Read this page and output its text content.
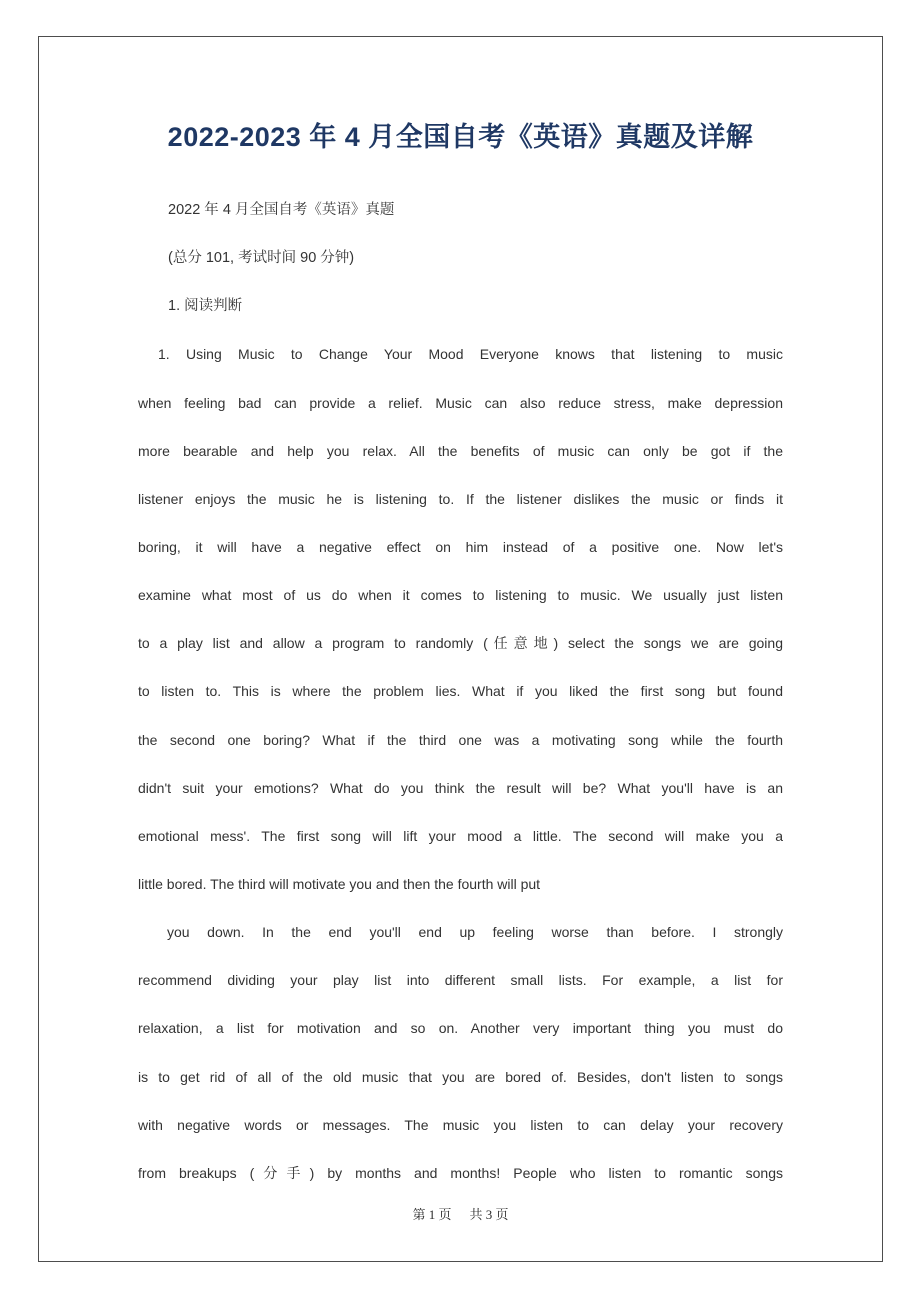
2022-2023 年 4 月全国自考《英语》真题及详解
2022 年 4 月全国自考《英语》真题
(总分 101, 考试时间 90 分钟)
1. 阅读判断
1. Using Music to Change Your Mood Everyone knows that listening to music
when feeling bad can provide a relief. Music can also reduce stress, make depression
more bearable and help you relax. All the benefits of music can only be got if the
listener enjoys the music he is listening to. If the listener dislikes the music or finds it
boring, it will have a negative effect on him instead of a positive one. Now let's
examine what most of us do when it comes to listening to music. We usually just listen
to a play list and allow a program to randomly (任意地) select the songs we are going
to listen to. This is where the problem lies. What if you liked the first song but found
the second one boring? What if the third one was a motivating song while the fourth
didn't suit your emotions? What do you think the result will be? What you'll have is an
emotional mess'. The first song will lift your mood a little. The second will make you a
little bored. The third will motivate you and then the fourth will put
you down. In the end you'll end up feeling worse than before. I strongly
recommend dividing your play list into different small lists. For example, a list for
relaxation, a list for motivation and so on. Another very important thing you must do
is to get rid of all of the old music that you are bored of. Besides, don't listen to songs
with negative words or messages. The music you listen to can delay your recovery
from breakups (分手) by months and months! People who listen to romantic songs
第 1 页 共 3 页
